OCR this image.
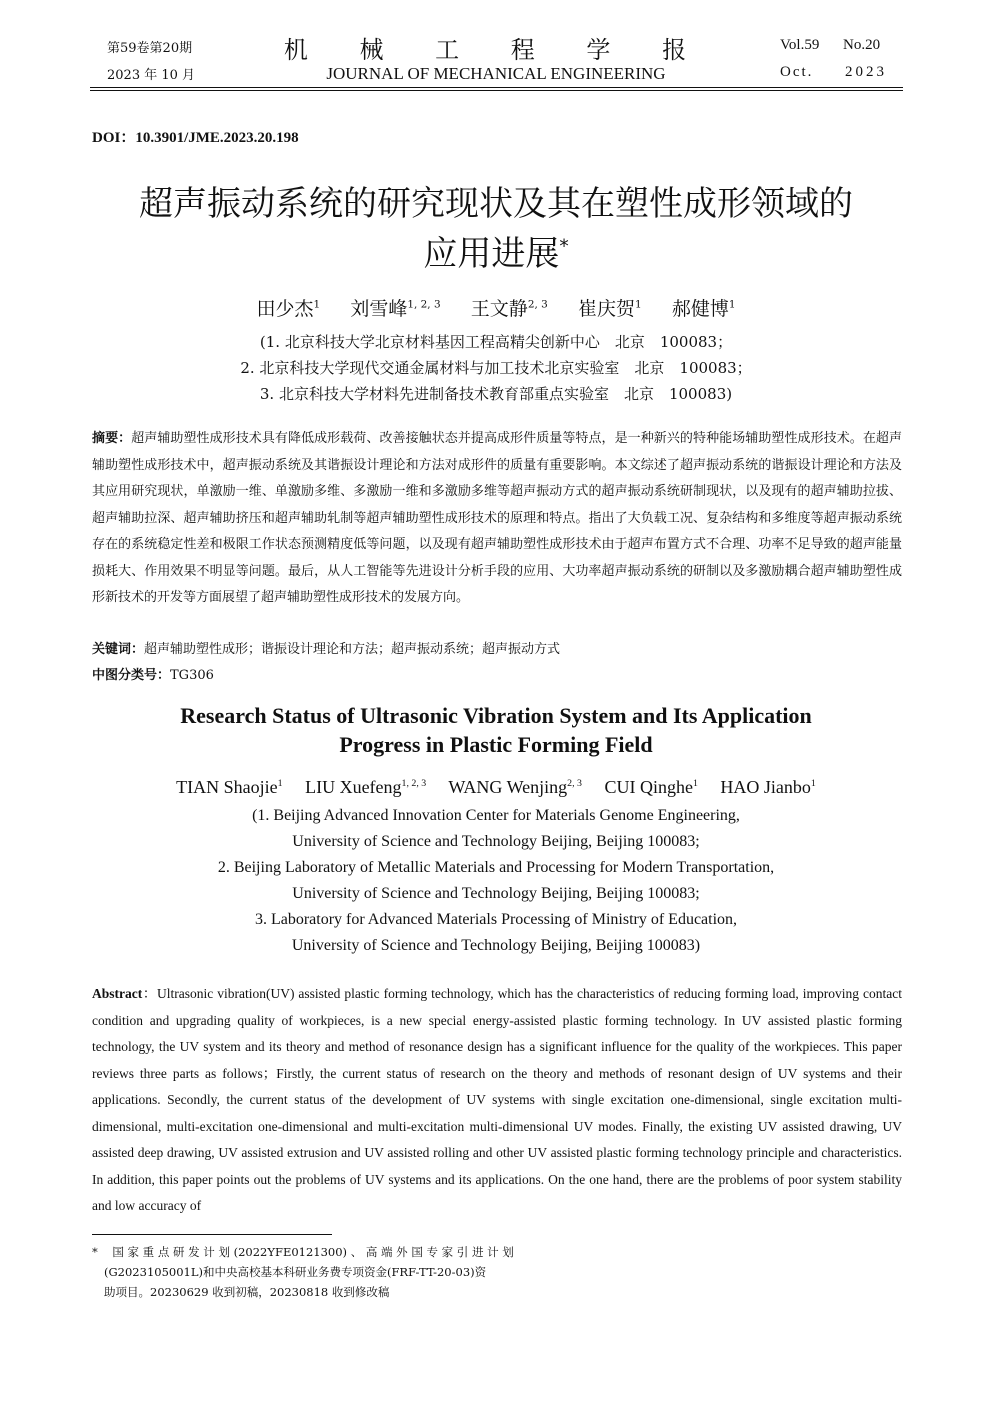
第59卷第20期
2023 年 10 月
机 械 工 程 学 报
JOURNAL OF MECHANICAL ENGINEERING
Vol.59 No.20
Oct. 2023
DOI：10.3901/JME.2023.20.198
超声振动系统的研究现状及其在塑性成形领域的
应用进展*
田少杰$^1$ 刘雪峰$^{1, 2, 3}$ 王文静$^{2, 3}$ 崔庆贺$^1$ 郝健博$^1$
(1. 北京科技大学北京材料基因工程高精尖创新中心　北京　100083；
2. 北京科技大学现代交通金属材料与加工技术北京实验室　北京　100083；
3. 北京科技大学材料先进制备技术教育部重点实验室　北京　100083)
摘要：超声辅助塑性成形技术具有降低成形载荷、改善接触状态并提高成形件质量等特点，是一种新兴的特种能场辅助塑性成形技术。在超声辅助塑性成形技术中，超声振动系统及其谐振设计理论和方法对成形件的质量有重要影响。本文综述了超声振动系统的谐振设计理论和方法及其应用研究现状，单激励一维、单激励多维、多激励一维和多激励多维等超声振动方式的超声振动系统研制现状，以及现有的超声辅助拉拔、超声辅助拉深、超声辅助挤压和超声辅助轧制等超声辅助塑性成形技术的原理和特点。指出了大负载工况、复杂结构和多维度等超声振动系统存在的系统稳定性差和极限工作状态预测精度低等问题，以及现有超声辅助塑性成形技术由于超声布置方式不合理、功率不足导致的超声能量损耗大、作用效果不明显等问题。最后，从人工智能等先进设计分析手段的应用、大功率超声振动系统的研制以及多激励耦合超声辅助塑性成形新技术的开发等方面展望了超声辅助塑性成形技术的发展方向。
关键词：超声辅助塑性成形；谐振设计理论和方法；超声振动系统；超声振动方式
中图分类号：TG306
Research Status of Ultrasonic Vibration System and Its Application
Progress in Plastic Forming Field
TIAN Shaojie$^1$ LIU Xuefeng$^{1, 2, 3}$ WANG Wenjing$^{2, 3}$ CUI Qinghe$^1$ HAO Jianbo$^1$
(1. Beijing Advanced Innovation Center for Materials Genome Engineering,
University of Science and Technology Beijing, Beijing 100083;
2. Beijing Laboratory of Metallic Materials and Processing for Modern Transportation,
University of Science and Technology Beijing, Beijing 100083;
3. Laboratory for Advanced Materials Processing of Ministry of Education,
University of Science and Technology Beijing, Beijing 100083)
Abstract：Ultrasonic vibration(UV) assisted plastic forming technology, which has the characteristics of reducing forming load, improving contact condition and upgrading quality of workpieces, is a new special energy-assisted plastic forming technology. In UV assisted plastic forming technology, the UV system and its theory and method of resonance design has a significant influence for the quality of the workpieces. This paper reviews three parts as follows；Firstly, the current status of research on the theory and methods of resonant design of UV systems and their applications. Secondly, the current status of the development of UV systems with single excitation one-dimensional, single excitation multi-dimensional, multi-excitation one-dimensional and multi-excitation multi-dimensional UV modes. Finally, the existing UV assisted drawing, UV assisted deep drawing, UV assisted extrusion and UV assisted rolling and other UV assisted plastic forming technology principle and characteristics. In addition, this paper points out the problems of UV systems and its applications. On the one hand, there are the problems of poor system stability and low accuracy of
* 国 家 重 点 研 发 计 划 (2022YFE0121300) 、 高 端 外 国 专 家 引 进 计 划
(G2023105001L)和中央高校基本科研业务费专项资金(FRF-TT-20-03)资
助项目。20230629 收到初稿，20230818 收到修改稿
